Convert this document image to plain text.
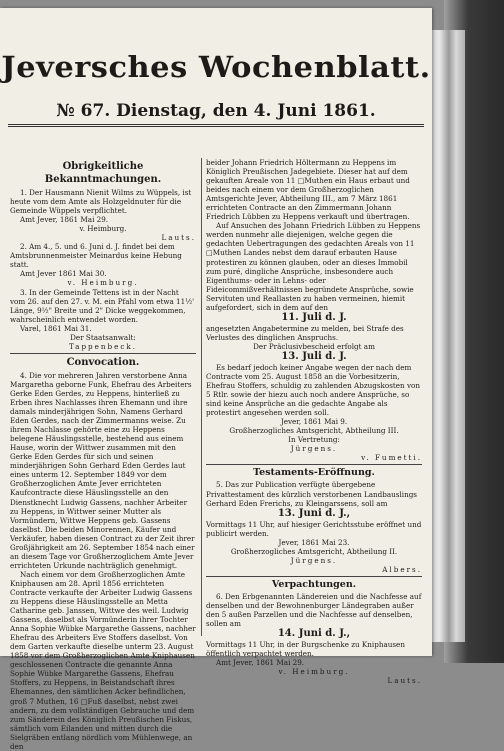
Jeversches Wochenblatt.
№ 67. Dienstag, den 4. Juni 1861.
Obrigkeitliche Bekanntmachungen.

1. Der Hausmann Nienit Wilms zu Wüppels, ist heute vom dem Amte als Holzgeldnuter für die Gemeinde Wüppels verpflichtet.

Amt Jever, 1861 Mai 29.

v. Heimburg.

Lauts.

2. Am 4., 5. und 6. Juni d. J. findet bei dem Amtsbrunnenmeister Meinardus keine Hebung statt.

Amt Jever 1861 Mai 30.

v. Heimburg.

3. In der Gemeinde Tettens ist in der Nacht vom 26. auf den 27. v. M. ein Pfahl vom etwa 11½' Länge, 9½" Breite und 2" Dicke weggekommen, wahrscheinlich entwendet worden.

Varel, 1861 Mai 31.

Der Staatsanwalt:

Tappenbeck.

Convocation.

4. Die vor mehreren Jahren verstorbene Anna Margaretha geborne Funk, Ehefrau des Arbeiters Gerke Eden Gerdes, zu Heppens, hinterließ zu Erben ihres Nachlasses ihren Ehemann und ihre damals minderjährigen Sohn, Namens Gerhard Eden Gerdes, nach der Zimmermanns weise. Zu ihrem Nachlasse gehörte eine zu Heppens belegene Häuslingsstelle, bestehend aus einem Hause, worin der Wittwer zusammen mit den Gerke Eden Gerdes für sich und seinen minderjährigen Sohn Gerhard Eden Gerdes laut eines unterm 12. September 1849 vor dem Großherzoglichen Amte Jever errichteten Kaufcontracte diese Häuslingsstelle an den Dienstknecht Ludwig Gassens, nachher Arbeiter zu Heppens, in Wittwer seiner Mutter als Vormündern, Wittwe Heppens geb. Gassens daselbst. Die beiden Minorennen, Käufer und Verkäufer, haben diesen Contract zu der Zeit ihrer Großjährigkeit am 26. September 1854 nach einer an diesem Tage vor Großherzoglichem Amte Jever errichteten Urkunde nachträglich genehmigt.

Nach einem vor dem Großherzoglichen Amte Kniphausen am 28. April 1856 errichteten Contracte verkaufte der Arbeiter Ludwig Gassens zu Heppens diese Häuslingsstelle an Metta Catharine geb. Janssen, Wittwe des weil. Ludwig Gassens, daselbst als Vormünderin ihrer Tochter Anna Sophie Wübke Margarethe Gassens, nachher Ehefrau des Arbeiters Eve Stoffers daselbst. Von dem Garten verkaufte dieselbe unterm 23. August 1858 vor dem Großherzoglichen Amte Kniphausen geschlossenen Contracte die genannte Anna Sophie Wübke Margarethe Gassens, Ehefrau Stoffers, zu Heppens, in Beistandschaft ihres Ehemannes, den sämtlichen Acker befindlichen, groß 7 Muthen, 16 □Fuß daselbst, nebst zwei andern, zu dem vollständigen Gebrauche und dem zum Sänderein des Königlich Preußischen Fiskus, sämtlich vom Eilanden und mitten durch die Sielgräben entlang nördlich vom Mühlenwege, an den

beider Johann Friedrich Höltermann zu Heppens im Königlich Preußischen Jadegebiete. Dieser hat auf dem gekauften Areale von 11 □Muthen ein Haus erbaut und beides nach einem vor dem Großherzoglichen Amtsgerichte Jever, Abtheilung III., am 7 März 1861 errichteten Contracte an den Zimmermann Johann Friedrich Lübben zu Heppens verkauft und übertragen.

Auf Ansuchen des Johann Friedrich Lübben zu Heppens werden nunmehr alle diejenigen, welche gegen die gedachten Uebertragungen des gedachten Areals von 11 □Muthen Landes nebst dem darauf erbauten Hause protestiren zu können glauben, oder an dieses Immobil zum puré, dingliche Ansprüche, insbesondere auch Eigenthums- oder in Lehns- oder Fideicommißverhältnissen begründete Ansprüche, sowie Servituten und Reallasten zu haben vermeinen, hiemit aufgefordert, sich in dem auf den

11. Juli d. J.

angesetzten Angabetermine zu melden, bei Strafe des Verlustes des dinglichen Anspruchs.

Der Präclusivbescheid erfolgt am

13. Juli d. J.

Es bedarf jedoch keiner Angabe wegen der nach dem Contracte vom 25. August 1858 an die Vorbesitzerin, Ehefrau Stoffers, schuldig zu zahlenden Abzugskosten von 5 Rtlr. sowie der hiezu auch noch andere Ansprüche, so sind keine Ansprüche an die gedachte Angabe als protestirt angesehen werden soll.

Jever, 1861 Mai 9.

Großherzogliches Amtsgericht, Abtheilung III.

In Vertretung:

Jürgens.

v. Fumetti.

Testaments-Eröffnung.

5. Das zur Publication verfügte übergebene Privattestament des kürzlich verstorbenen Landbauslings Gerhard Eden Frerichs, zu Kleingarssens, soll am

13. Juni d. J.,

Vormittags 11 Uhr, auf hiesiger Gerichtsstube eröffnet und publicirt werden.

Jever, 1861 Mai 23.

Großherzogliches Amtsgericht, Abtheilung II.

Jürgens.

Albers.

Verpachtungen.

6. Den Erbgenannten Ländereien und die Nachfesse auf denselben und der Bewohnenburger Ländegraben außer den 5 außen Parzellen und die Nachfesse auf denselben, sollen am

14. Juni d. J.,

Vormittags 11 Uhr, in der Burgschenke zu Kniphausen öffentlich verpachtet werden.

Amt Jever, 1861 Mai 29.

v. Heimburg.

Lauts.
